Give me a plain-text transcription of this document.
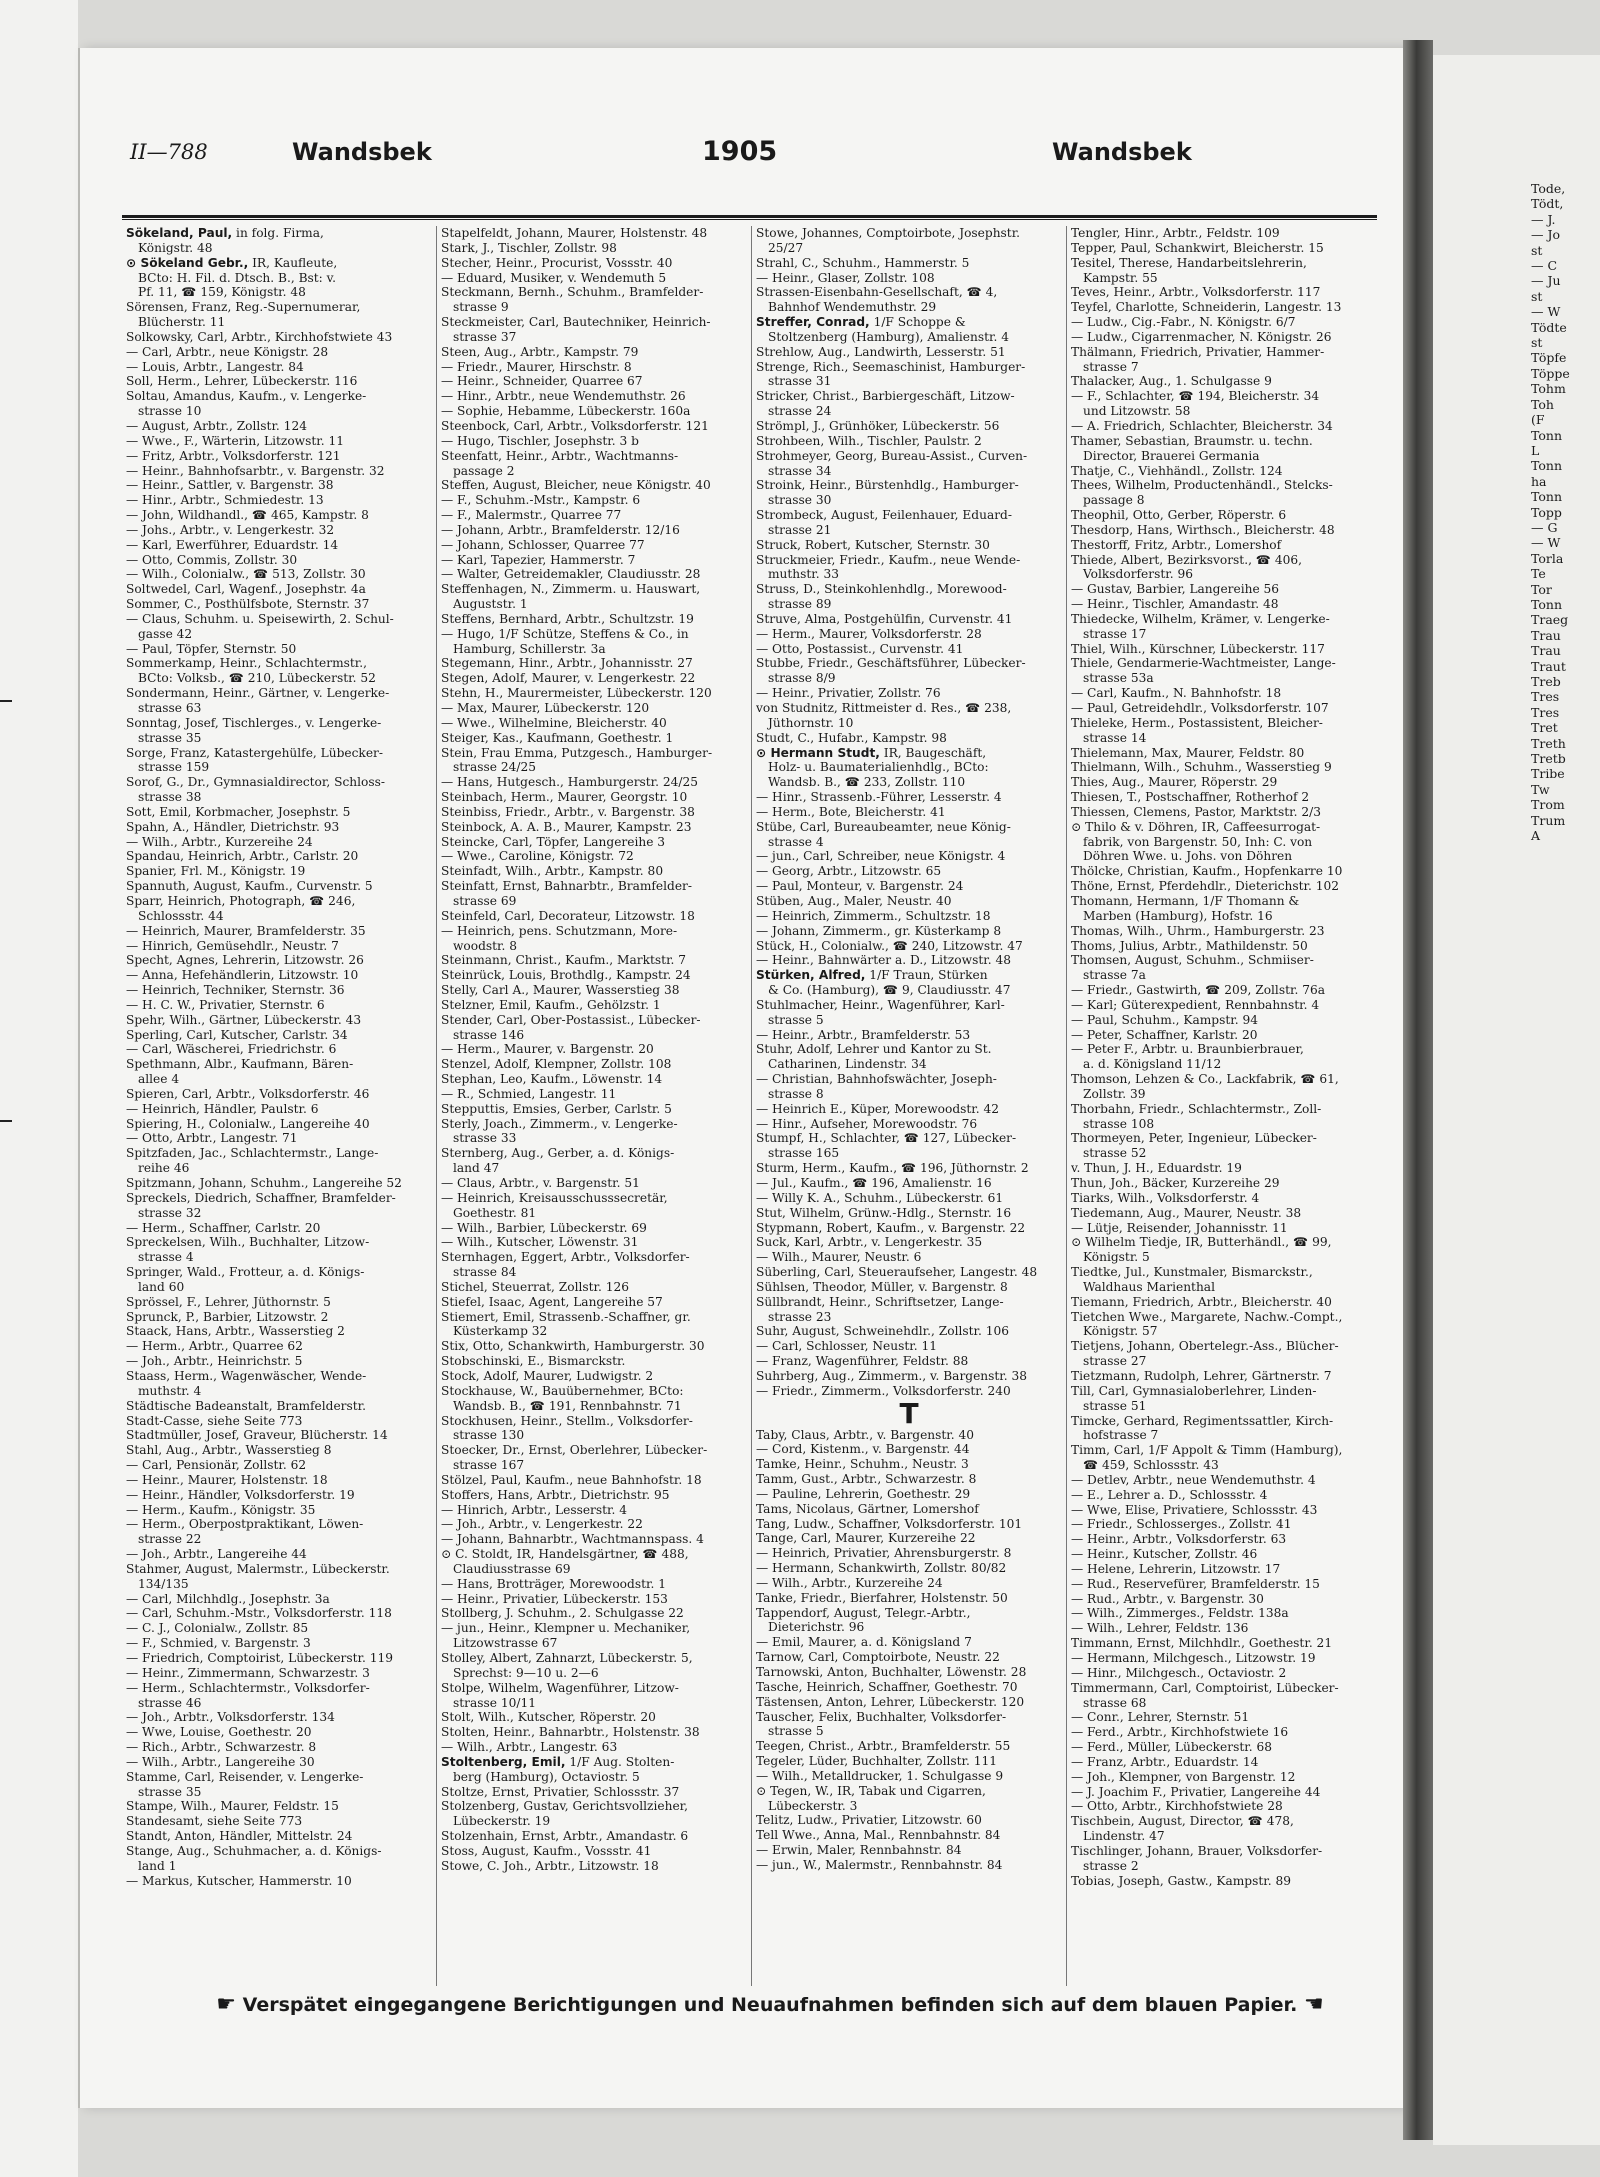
II—788	Wandsbek	1905	Wandsbek
Sökeland, Paul, in folg. Firma,
Königstr. 48
⊙ Sökeland Gebr., IR, Kaufleute,
BCto: H. Fil. d. Dtsch. B., Bst: v.
Pf. 11, ☎ 159, Königstr. 48
Sörensen, Franz, Reg.-Supernumerar,
Blücherstr. 11
Solkowsky, Carl, Arbtr., Kirchhofstwiete 43
— Carl, Arbtr., neue Königstr. 28
— Louis, Arbtr., Langestr. 84
Soll, Herm., Lehrer, Lübeckerstr. 116
Soltau, Amandus, Kaufm., v. Lengerke-
strasse 10
— August, Arbtr., Zollstr. 124
— Wwe., F., Wärterin, Litzowstr. 11
— Fritz, Arbtr., Volksdorferstr. 121
— Heinr., Bahnhofsarbtr., v. Bargenstr. 32
— Heinr., Sattler, v. Bargenstr. 38
— Hinr., Arbtr., Schmiedestr. 13
— John, Wildhandl., ☎ 465, Kampstr. 8
— Johs., Arbtr., v. Lengerkestr. 32
— Karl, Ewerführer, Eduardstr. 14
— Otto, Commis, Zollstr. 30
— Wilh., Colonialw., ☎ 513, Zollstr. 30
Soltwedel, Carl, Wagenf., Josephstr. 4a
Sommer, C., Posthülfsbote, Sternstr. 37
— Claus, Schuhm. u. Speisewirth, 2. Schul-
gasse 42
— Paul, Töpfer, Sternstr. 50
Sommerkamp, Heinr., Schlachtermstr.,
BCto: Volksb., ☎ 210, Lübeckerstr. 52
Sondermann, Heinr., Gärtner, v. Lengerke-
strasse 63
Sonntag, Josef, Tischlerges., v. Lengerke-
strasse 35
Sorge, Franz, Katastergehülfe, Lübecker-
strasse 159
Sorof, G., Dr., Gymnasialdirector, Schloss-
strasse 38
Sott, Emil, Korbmacher, Josephstr. 5
Spahn, A., Händler, Dietrichstr. 93
— Wilh., Arbtr., Kurzereihe 24
Spandau, Heinrich, Arbtr., Carlstr. 20
Spanier, Frl. M., Königstr. 19
Spannuth, August, Kaufm., Curvenstr. 5
Sparr, Heinrich, Photograph, ☎ 246,
Schlossstr. 44
— Heinrich, Maurer, Bramfelderstr. 35
— Hinrich, Gemüsehdlr., Neustr. 7
Specht, Agnes, Lehrerin, Litzowstr. 26
— Anna, Hefehändlerin, Litzowstr. 10
— Heinrich, Techniker, Sternstr. 36
— H. C. W., Privatier, Sternstr. 6
Spehr, Wilh., Gärtner, Lübeckerstr. 43
Sperling, Carl, Kutscher, Carlstr. 34
— Carl, Wäscherei, Friedrichstr. 6
Spethmann, Albr., Kaufmann, Bären-
allee 4
Spieren, Carl, Arbtr., Volksdorferstr. 46
— Heinrich, Händler, Paulstr. 6
Spiering, H., Colonialw., Langereihe 40
— Otto, Arbtr., Langestr. 71
Spitzfaden, Jac., Schlachtermstr., Lange-
reihe 46
Spitzmann, Johann, Schuhm., Langereihe 52
Spreckels, Diedrich, Schaffner, Bramfelder-
strasse 32
— Herm., Schaffner, Carlstr. 20
Spreckelsen, Wilh., Buchhalter, Litzow-
strasse 4
Springer, Wald., Frotteur, a. d. Königs-
land 60
Sprössel, F., Lehrer, Jüthornstr. 5
Sprunck, P., Barbier, Litzowstr. 2
Staack, Hans, Arbtr., Wasserstieg 2
— Herm., Arbtr., Quarree 62
— Joh., Arbtr., Heinrichstr. 5
Staass, Herm., Wagenwäscher, Wende-
muthstr. 4
Städtische Badeanstalt, Bramfelderstr.
Stadt-Casse, siehe Seite 773
Stadtmüller, Josef, Graveur, Blücherstr. 14
Stahl, Aug., Arbtr., Wasserstieg 8
— Carl, Pensionär, Zollstr. 62
— Heinr., Maurer, Holstenstr. 18
— Heinr., Händler, Volksdorferstr. 19
— Herm., Kaufm., Königstr. 35
— Herm., Oberpostpraktikant, Löwen-
strasse 22
— Joh., Arbtr., Langereihe 44
Stahmer, August, Malermstr., Lübeckerstr.
134/135
— Carl, Milchhdlg., Josephstr. 3a
— Carl, Schuhm.-Mstr., Volksdorferstr. 118
— C. J., Colonialw., Zollstr. 85
— F., Schmied, v. Bargenstr. 3
— Friedrich, Comptoirist, Lübeckerstr. 119
— Heinr., Zimmermann, Schwarzestr. 3
— Herm., Schlachtermstr., Volksdorfer-
strasse 46
— Joh., Arbtr., Volksdorferstr. 134
— Wwe, Louise, Goethestr. 20
— Rich., Arbtr., Schwarzestr. 8
— Wilh., Arbtr., Langereihe 30
Stamme, Carl, Reisender, v. Lengerke-
strasse 35
Stampe, Wilh., Maurer, Feldstr. 15
Standesamt, siehe Seite 773
Standt, Anton, Händler, Mittelstr. 24
Stange, Aug., Schuhmacher, a. d. Königs-
land 1
— Markus, Kutscher, Hammerstr. 10
Stapelfeldt, Johann, Maurer, Holstenstr. 48
Stark, J., Tischler, Zollstr. 98
Stecher, Heinr., Procurist, Vossstr. 40
— Eduard, Musiker, v. Wendemuth 5
Steckmann, Bernh., Schuhm., Bramfelder-
strasse 9
Steckmeister, Carl, Bautechniker, Heinrich-
strasse 37
Steen, Aug., Arbtr., Kampstr. 79
— Friedr., Maurer, Hirschstr. 8
— Heinr., Schneider, Quarree 67
— Hinr., Arbtr., neue Wendemuthstr. 26
— Sophie, Hebamme, Lübeckerstr. 160a
Steenbock, Carl, Arbtr., Volksdorferstr. 121
— Hugo, Tischler, Josephstr. 3 b
Steenfatt, Heinr., Arbtr., Wachtmanns-
passage 2
Steffen, August, Bleicher, neue Königstr. 40
— F., Schuhm.-Mstr., Kampstr. 6
— F., Malermstr., Quarree 77
— Johann, Arbtr., Bramfelderstr. 12/16
— Johann, Schlosser, Quarree 77
— Karl, Tapezier, Hammerstr. 7
— Walter, Getreidemakler, Claudiusstr. 28
Steffenhagen, N., Zimmerm. u. Hauswart,
Auguststr. 1
Steffens, Bernhard, Arbtr., Schultzstr. 19
— Hugo, 1/F Schütze, Steffens & Co., in
Hamburg, Schillerstr. 3a
Stegemann, Hinr., Arbtr., Johannisstr. 27
Stegen, Adolf, Maurer, v. Lengerkestr. 22
Stehn, H., Maurermeister, Lübeckerstr. 120
— Max, Maurer, Lübeckerstr. 120
— Wwe., Wilhelmine, Bleicherstr. 40
Steiger, Kas., Kaufmann, Goethestr. 1
Stein, Frau Emma, Putzgesch., Hamburger-
strasse 24/25
— Hans, Hutgesch., Hamburgerstr. 24/25
Steinbach, Herm., Maurer, Georgstr. 10
Steinbiss, Friedr., Arbtr., v. Bargenstr. 38
Steinbock, A. A. B., Maurer, Kampstr. 23
Steincke, Carl, Töpfer, Langereihe 3
— Wwe., Caroline, Königstr. 72
Steinfadt, Wilh., Arbtr., Kampstr. 80
Steinfatt, Ernst, Bahnarbtr., Bramfelder-
strasse 69
Steinfeld, Carl, Decorateur, Litzowstr. 18
— Heinrich, pens. Schutzmann, More-
woodstr. 8
Steinmann, Christ., Kaufm., Marktstr. 7
Steinrück, Louis, Brothdlg., Kampstr. 24
Stelly, Carl A., Maurer, Wasserstieg 38
Stelzner, Emil, Kaufm., Gehölzstr. 1
Stender, Carl, Ober-Postassist., Lübecker-
strasse 146
— Herm., Maurer, v. Bargenstr. 20
Stenzel, Adolf, Klempner, Zollstr. 108
Stephan, Leo, Kaufm., Löwenstr. 14
— R., Schmied, Langestr. 11
Stepputtis, Emsies, Gerber, Carlstr. 5
Sterly, Joach., Zimmerm., v. Lengerke-
strasse 33
Sternberg, Aug., Gerber, a. d. Königs-
land 47
— Claus, Arbtr., v. Bargenstr. 51
— Heinrich, Kreisausschusssecretär,
Goethestr. 81
— Wilh., Barbier, Lübeckerstr. 69
— Wilh., Kutscher, Löwenstr. 31
Sternhagen, Eggert, Arbtr., Volksdorfer-
strasse 84
Stichel, Steuerrat, Zollstr. 126
Stiefel, Isaac, Agent, Langereihe 57
Stiemert, Emil, Strassenb.-Schaffner, gr.
Küsterkamp 32
Stix, Otto, Schankwirth, Hamburgerstr. 30
Stobschinski, E., Bismarckstr.
Stock, Adolf, Maurer, Ludwigstr. 2
Stockhause, W., Bauübernehmer, BCto:
Wandsb. B., ☎ 191, Rennbahnstr. 71
Stockhusen, Heinr., Stellm., Volksdorfer-
strasse 130
Stoecker, Dr., Ernst, Oberlehrer, Lübecker-
strasse 167
Stölzel, Paul, Kaufm., neue Bahnhofstr. 18
Stoffers, Hans, Arbtr., Dietrichstr. 95
— Hinrich, Arbtr., Lesserstr. 4
— Joh., Arbtr., v. Lengerkestr. 22
— Johann, Bahnarbtr., Wachtmannspass. 4
⊙ C. Stoldt, IR, Handelsgärtner, ☎ 488,
Claudiusstrasse 69
— Hans, Brotträger, Morewoodstr. 1
— Heinr., Privatier, Lübeckerstr. 153
Stollberg, J. Schuhm., 2. Schulgasse 22
— jun., Heinr., Klempner u. Mechaniker,
Litzowstrasse 67
Stolley, Albert, Zahnarzt, Lübeckerstr. 5,
Sprechst: 9—10 u. 2—6
Stolpe, Wilhelm, Wagenführer, Litzow-
strasse 10/11
Stolt, Wilh., Kutscher, Röperstr. 20
Stolten, Heinr., Bahnarbtr., Holstenstr. 38
— Wilh., Arbtr., Langestr. 63
Stoltenberg, Emil, 1/F Aug. Stolten-
berg (Hamburg), Octaviostr. 5
Stoltze, Ernst, Privatier, Schlossstr. 37
Stolzenberg, Gustav, Gerichtsvollzieher,
Lübeckerstr. 19
Stolzenhain, Ernst, Arbtr., Amandastr. 6
Stoss, August, Kaufm., Vossstr. 41
Stowe, C. Joh., Arbtr., Litzowstr. 18
Stowe, Johannes, Comptoirbote, Josephstr.
25/27
Strahl, C., Schuhm., Hammerstr. 5
— Heinr., Glaser, Zollstr. 108
Strassen-Eisenbahn-Gesellschaft, ☎ 4,
Bahnhof Wendemuthstr. 29
Streffer, Conrad, 1/F Schoppe &
Stoltzenberg (Hamburg), Amalienstr. 4
Strehlow, Aug., Landwirth, Lesserstr. 51
Strenge, Rich., Seemaschinist, Hamburger-
strasse 31
Stricker, Christ., Barbiergeschäft, Litzow-
strasse 24
Strömpl, J., Grünhöker, Lübeckerstr. 56
Strohbeen, Wilh., Tischler, Paulstr. 2
Strohmeyer, Georg, Bureau-Assist., Curven-
strasse 34
Stroink, Heinr., Bürstenhdlg., Hamburger-
strasse 30
Strombeck, August, Feilenhauer, Eduard-
strasse 21
Struck, Robert, Kutscher, Sternstr. 30
Struckmeier, Friedr., Kaufm., neue Wende-
muthstr. 33
Struss, D., Steinkohlenhdlg., Morewood-
strasse 89
Struve, Alma, Postgehülfin, Curvenstr. 41
— Herm., Maurer, Volksdorferstr. 28
— Otto, Postassist., Curvenstr. 41
Stubbe, Friedr., Geschäftsführer, Lübecker-
strasse 8/9
— Heinr., Privatier, Zollstr. 76
von Studnitz, Rittmeister d. Res., ☎ 238,
Jüthornstr. 10
Studt, C., Hufabr., Kampstr. 98
⊙ Hermann Studt, IR, Baugeschäft,
Holz- u. Baumaterialienhdlg., BCto:
Wandsb. B., ☎ 233, Zollstr. 110
— Hinr., Strassenb.-Führer, Lesserstr. 4
— Herm., Bote, Bleicherstr. 41
Stübe, Carl, Bureaubeamter, neue König-
strasse 4
— jun., Carl, Schreiber, neue Königstr. 4
— Georg, Arbtr., Litzowstr. 65
— Paul, Monteur, v. Bargenstr. 24
Stüben, Aug., Maler, Neustr. 40
— Heinrich, Zimmerm., Schultzstr. 18
— Johann, Zimmerm., gr. Küsterkamp 8
Stück, H., Colonialw., ☎ 240, Litzowstr. 47
— Heinr., Bahnwärter a. D., Litzowstr. 48
Stürken, Alfred, 1/F Traun, Stürken
& Co. (Hamburg), ☎ 9, Claudiusstr. 47
Stuhlmacher, Heinr., Wagenführer, Karl-
strasse 5
— Heinr., Arbtr., Bramfelderstr. 53
Stuhr, Adolf, Lehrer und Kantor zu St.
Catharinen, Lindenstr. 34
— Christian, Bahnhofswächter, Joseph-
strasse 8
— Heinrich E., Küper, Morewoodstr. 42
— Hinr., Aufseher, Morewoodstr. 76
Stumpf, H., Schlachter, ☎ 127, Lübecker-
strasse 165
Sturm, Herm., Kaufm., ☎ 196, Jüthornstr. 2
— Jul., Kaufm., ☎ 196, Amalienstr. 16
— Willy K. A., Schuhm., Lübeckerstr. 61
Stut, Wilhelm, Grünw.-Hdlg., Sternstr. 16
Stypmann, Robert, Kaufm., v. Bargenstr. 22
Suck, Karl, Arbtr., v. Lengerkestr. 35
— Wilh., Maurer, Neustr. 6
Süberling, Carl, Steueraufseher, Langestr. 48
Sühlsen, Theodor, Müller, v. Bargenstr. 8
Süllbrandt, Heinr., Schriftsetzer, Lange-
strasse 23
Suhr, August, Schweinehdlr., Zollstr. 106
— Carl, Schlosser, Neustr. 11
— Franz, Wagenführer, Feldstr. 88
Suhrberg, Aug., Zimmerm., v. Bargenstr. 38
— Friedr., Zimmerm., Volksdorferstr. 240
T
Taby, Claus, Arbtr., v. Bargenstr. 40
— Cord, Kistenm., v. Bargenstr. 44
Tamke, Heinr., Schuhm., Neustr. 3
Tamm, Gust., Arbtr., Schwarzestr. 8
— Pauline, Lehrerin, Goethestr. 29
Tams, Nicolaus, Gärtner, Lomershof
Tang, Ludw., Schaffner, Volksdorferstr. 101
Tange, Carl, Maurer, Kurzereihe 22
— Heinrich, Privatier, Ahrensburgerstr. 8
— Hermann, Schankwirth, Zollstr. 80/82
— Wilh., Arbtr., Kurzereihe 24
Tanke, Friedr., Bierfahrer, Holstenstr. 50
Tappendorf, August, Telegr.-Arbtr.,
Dieterichstr. 96
— Emil, Maurer, a. d. Königsland 7
Tarnow, Carl, Comptoirbote, Neustr. 22
Tarnowski, Anton, Buchhalter, Löwenstr. 28
Tasche, Heinrich, Schaffner, Goethestr. 70
Tästensen, Anton, Lehrer, Lübeckerstr. 120
Tauscher, Felix, Buchhalter, Volksdorfer-
strasse 5
Teegen, Christ., Arbtr., Bramfelderstr. 55
Tegeler, Lüder, Buchhalter, Zollstr. 111
— Wilh., Metalldrucker, 1. Schulgasse 9
⊙ Tegen, W., IR, Tabak und Cigarren,
Lübeckerstr. 3
Telitz, Ludw., Privatier, Litzowstr. 60
Tell Wwe., Anna, Mal., Rennbahnstr. 84
— Erwin, Maler, Rennbahnstr. 84
— jun., W., Malermstr., Rennbahnstr. 84
Tengler, Hinr., Arbtr., Feldstr. 109
Tepper, Paul, Schankwirt, Bleicherstr. 15
Tesitel, Therese, Handarbeitslehrerin,
Kampstr. 55
Teves, Heinr., Arbtr., Volksdorferstr. 117
Teyfel, Charlotte, Schneiderin, Langestr. 13
— Ludw., Cig.-Fabr., N. Königstr. 6/7
— Ludw., Cigarrenmacher, N. Königstr. 26
Thälmann, Friedrich, Privatier, Hammer-
strasse 7
Thalacker, Aug., 1. Schulgasse 9
— F., Schlachter, ☎ 194, Bleicherstr. 34
und Litzowstr. 58
— A. Friedrich, Schlachter, Bleicherstr. 34
Thamer, Sebastian, Braumstr. u. techn.
Director, Brauerei Germania
Thatje, C., Viehhändl., Zollstr. 124
Thees, Wilhelm, Productenhändl., Stelcks-
passage 8
Theophil, Otto, Gerber, Röperstr. 6
Thesdorp, Hans, Wirthsch., Bleicherstr. 48
Thestorff, Fritz, Arbtr., Lomershof
Thiede, Albert, Bezirksvorst., ☎ 406,
Volksdorferstr. 96
— Gustav, Barbier, Langereihe 56
— Heinr., Tischler, Amandastr. 48
Thiedecke, Wilhelm, Krämer, v. Lengerke-
strasse 17
Thiel, Wilh., Kürschner, Lübeckerstr. 117
Thiele, Gendarmerie-Wachtmeister, Lange-
strasse 53a
— Carl, Kaufm., N. Bahnhofstr. 18
— Paul, Getreidehdlr., Volksdorferstr. 107
Thieleke, Herm., Postassistent, Bleicher-
strasse 14
Thielemann, Max, Maurer, Feldstr. 80
Thielmann, Wilh., Schuhm., Wasserstieg 9
Thies, Aug., Maurer, Röperstr. 29
Thiesen, T., Postschaffner, Rotherhof 2
Thiessen, Clemens, Pastor, Marktstr. 2/3
⊙ Thilo & v. Döhren, IR, Caffeesurrogat-
fabrik, von Bargenstr. 50, Inh: C. von
Döhren Wwe. u. Johs. von Döhren
Thölcke, Christian, Kaufm., Hopfenkarre 10
Thöne, Ernst, Pferdehdlr., Dieterichstr. 102
Thomann, Hermann, 1/F Thomann &
Marben (Hamburg), Hofstr. 16
Thomas, Wilh., Uhrm., Hamburgerstr. 23
Thoms, Julius, Arbtr., Mathildenstr. 50
Thomsen, August, Schuhm., Schmiiser-
strasse 7a
— Friedr., Gastwirth, ☎ 209, Zollstr. 76a
— Karl; Güterexpedient, Rennbahnstr. 4
— Paul, Schuhm., Kampstr. 94
— Peter, Schaffner, Karlstr. 20
— Peter F., Arbtr. u. Braunbierbrauer,
a. d. Königsland 11/12
Thomson, Lehzen & Co., Lackfabrik, ☎ 61,
Zollstr. 39
Thorbahn, Friedr., Schlachtermstr., Zoll-
strasse 108
Thormeyen, Peter, Ingenieur, Lübecker-
strasse 52
v. Thun, J. H., Eduardstr. 19
Thun, Joh., Bäcker, Kurzereihe 29
Tiarks, Wilh., Volksdorferstr. 4
Tiedemann, Aug., Maurer, Neustr. 38
— Lütje, Reisender, Johannisstr. 11
⊙ Wilhelm Tiedje, IR, Butterhändl., ☎ 99,
Königstr. 5
Tiedtke, Jul., Kunstmaler, Bismarckstr.,
Waldhaus Marienthal
Tiemann, Friedrich, Arbtr., Bleicherstr. 40
Tietchen Wwe., Margarete, Nachw.-Compt.,
Königstr. 57
Tietjens, Johann, Obertelegr.-Ass., Blücher-
strasse 27
Tietzmann, Rudolph, Lehrer, Gärtnerstr. 7
Till, Carl, Gymnasialoberlehrer, Linden-
strasse 51
Timcke, Gerhard, Regimentssattler, Kirch-
hofstrasse 7
Timm, Carl, 1/F Appolt & Timm (Hamburg),
☎ 459, Schlossstr. 43
— Detlev, Arbtr., neue Wendemuthstr. 4
— E., Lehrer a. D., Schlossstr. 4
— Wwe, Elise, Privatiere, Schlossstr. 43
— Friedr., Schlosserges., Zollstr. 41
— Heinr., Arbtr., Volksdorferstr. 63
— Heinr., Kutscher, Zollstr. 46
— Helene, Lehrerin, Litzowstr. 17
— Rud., Reservefürer, Bramfelderstr. 15
— Rud., Arbtr., v. Bargenstr. 30
— Wilh., Zimmerges., Feldstr. 138a
— Wilh., Lehrer, Feldstr. 136
Timmann, Ernst, Milchhdlr., Goethestr. 21
— Hermann, Milchgesch., Litzowstr. 19
— Hinr., Milchgesch., Octaviostr. 2
Timmermann, Carl, Comptoirist, Lübecker-
strasse 68
— Conr., Lehrer, Sternstr. 51
— Ferd., Arbtr., Kirchhofstwiete 16
— Ferd., Müller, Lübeckerstr. 68
— Franz, Arbtr., Eduardstr. 14
— Joh., Klempner, von Bargenstr. 12
— J. Joachim F., Privatier, Langereihe 44
— Otto, Arbtr., Kirchhofstwiete 28
Tischbein, August, Director, ☎ 478,
Lindenstr. 47
Tischlinger, Johann, Brauer, Volksdorfer-
strasse 2
Tobias, Joseph, Gastw., Kampstr. 89
☛ Verspätet eingegangene Berichtigungen und Neuaufnahmen befinden sich auf dem blauen Papier. ☚
Tode,
Tödt,
— J.
— Jo
st
— C
— Ju
st
— W
Tödte
st
Töpfe
Töppe
Tohm
Toh
(F
Tonn
L
Tonn
ha
Tonn
Topp
— G
— W
Torla
Te
Tor
Tonn
Traeg
Trau
Trau
Traut
Treb
Tres
Tres
Tret
Treth
Tretb
Tribe
Tw
Trom
Trum
A
